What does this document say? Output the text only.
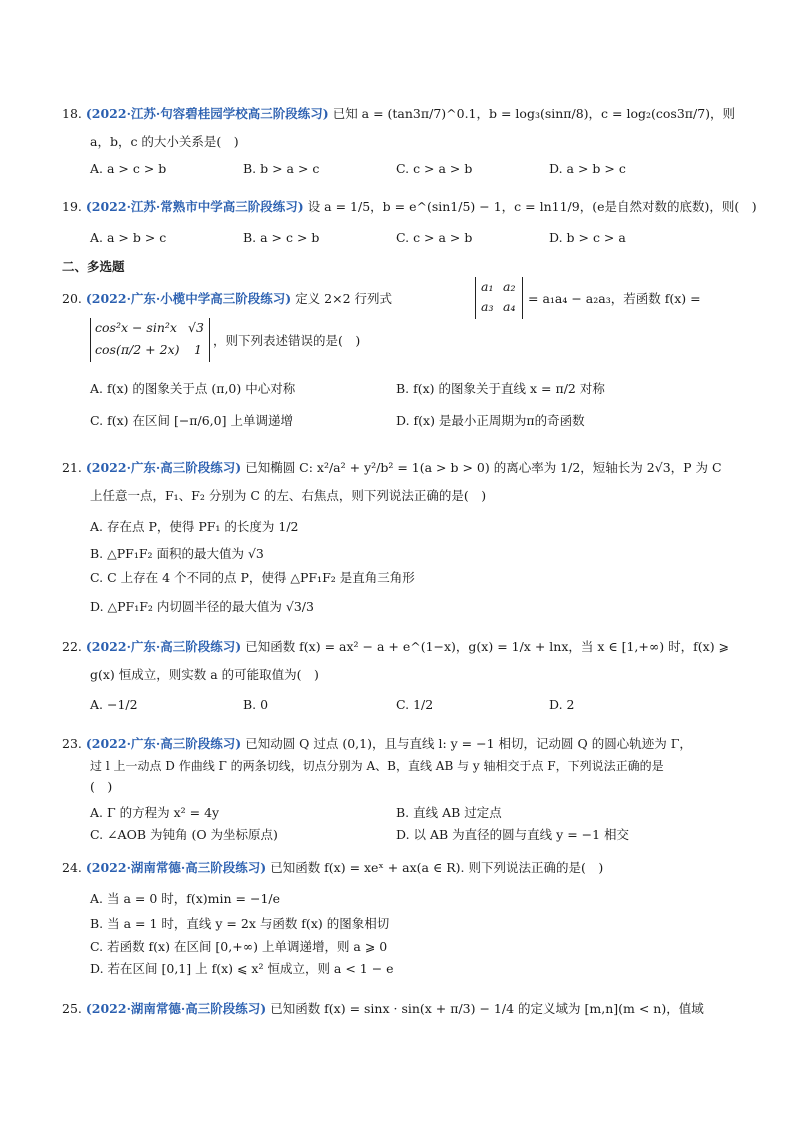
18. (2022·江苏·句容碧桂园学校高三阶段练习) 已知 a = (tan3π/7)^0.1，b = log₃(sinπ/8)，c = log₂(cos3π/7)，则
a，b，c 的大小关系是(　)
A. a > c > b	B. b > a > c	C. c > a > b	D. a > b > c
19. (2022·江苏·常熟市中学高三阶段练习) 设 a = 1/5，b = e^(sin1/5) − 1，c = ln11/9，(e是自然对数的底数)，则(　)
A. a > b > c	B. a > c > b	C. c > a > b	D. b > c > a
二、多选题
20. (2022·广东·小榄中学高三阶段练习) 定义 2×2 行列式
a₁ a₂
a₃ a₄
= a₁a₄ − a₂a₃，若函数 f(x) =
cos²x − sin²x √3
cos(π/2 + 2x) 1
，则下列表述错误的是(　)
A. f(x) 的图象关于点 (π,0) 中心对称	B. f(x) 的图象关于直线 x = π/2 对称
C. f(x) 在区间 [−π/6,0] 上单调递增	D. f(x) 是最小正周期为π的奇函数
21. (2022·广东·高三阶段练习) 已知椭圆 C: x²/a² + y²/b² = 1(a > b > 0) 的离心率为 1/2，短轴长为 2√3，P 为 C
上任意一点，F₁、F₂ 分别为 C 的左、右焦点，则下列说法正确的是(　)
A. 存在点 P，使得 PF₁ 的长度为 1/2
B. △PF₁F₂ 面积的最大值为 √3
C. C 上存在 4 个不同的点 P，使得 △PF₁F₂ 是直角三角形
D. △PF₁F₂ 内切圆半径的最大值为 √3/3
22. (2022·广东·高三阶段练习) 已知函数 f(x) = ax² − a + e^(1−x)，g(x) = 1/x + lnx，当 x ∈ [1,+∞) 时，f(x) ⩾
g(x) 恒成立，则实数 a 的可能取值为(　)
A. −1/2	B. 0	C. 1/2	D. 2
23. (2022·广东·高三阶段练习) 已知动圆 Q 过点 (0,1)，且与直线 l: y = −1 相切，记动圆 Q 的圆心轨迹为 Γ，
过 l 上一动点 D 作曲线 Γ 的两条切线，切点分别为 A、B，直线 AB 与 y 轴相交于点 F，下列说法正确的是
(　)
A. Γ 的方程为 x² = 4y	B. 直线 AB 过定点
C. ∠AOB 为钝角 (O 为坐标原点)	D. 以 AB 为直径的圆与直线 y = −1 相交
24. (2022·湖南常德·高三阶段练习) 已知函数 f(x) = xeˣ + ax(a ∈ R). 则下列说法正确的是(　)
A. 当 a = 0 时，f(x)min = −1/e
B. 当 a = 1 时，直线 y = 2x 与函数 f(x) 的图象相切
C. 若函数 f(x) 在区间 [0,+∞) 上单调递增，则 a ⩾ 0
D. 若在区间 [0,1] 上 f(x) ⩽ x² 恒成立，则 a < 1 − e
25. (2022·湖南常德·高三阶段练习) 已知函数 f(x) = sinx · sin(x + π/3) − 1/4 的定义域为 [m,n](m < n)，值域
